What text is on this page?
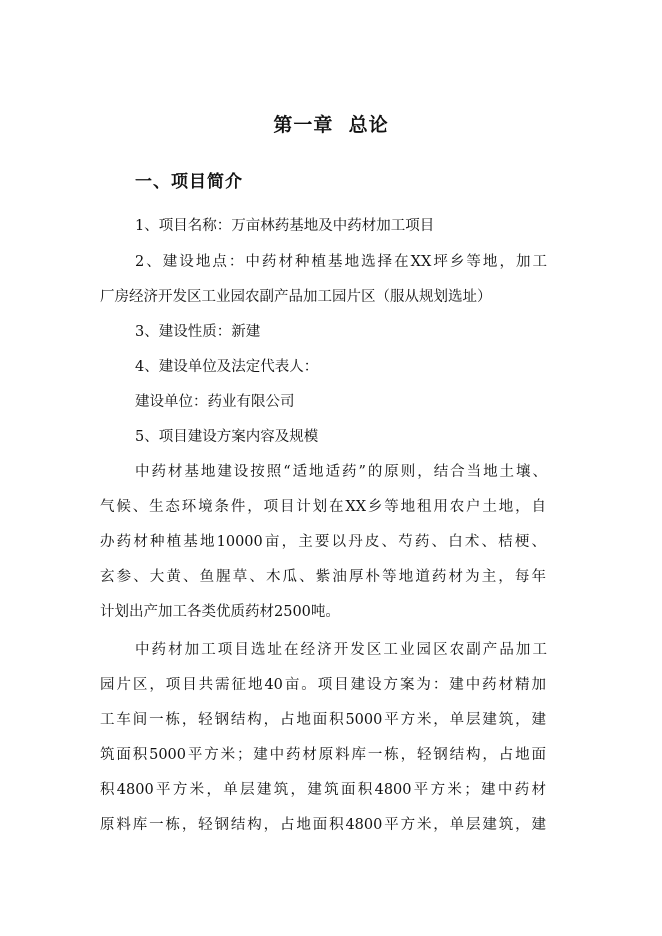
第一章  总论
一、项目简介
1、项目名称：万亩林药基地及中药材加工项目
2、建设地点：中药材种植基地选择在XX坪乡等地，加工
厂房经济开发区工业园农副产品加工园片区（服从规划选址）
3、建设性质：新建
4、建设单位及法定代表人：
建设单位：药业有限公司
5、项目建设方案内容及规模
中药材基地建设按照“适地适药”的原则，结合当地土壤、
气候、生态环境条件，项目计划在XX乡等地租用农户土地，自
办药材种植基地10000亩，主要以丹皮、芍药、白术、桔梗、
玄参、大黄、鱼腥草、木瓜、紫油厚朴等地道药材为主，每年
计划出产加工各类优质药材2500吨。
中药材加工项目选址在经济开发区工业园区农副产品加工
园片区，项目共需征地40亩。项目建设方案为：建中药材精加
工车间一栋，轻钢结构，占地面积5000平方米，单层建筑，建
筑面积5000平方米；建中药材原料库一栋，轻钢结构，占地面
积4800平方米，单层建筑，建筑面积4800平方米；建中药材
原料库一栋，轻钢结构，占地面积4800平方米，单层建筑，建
